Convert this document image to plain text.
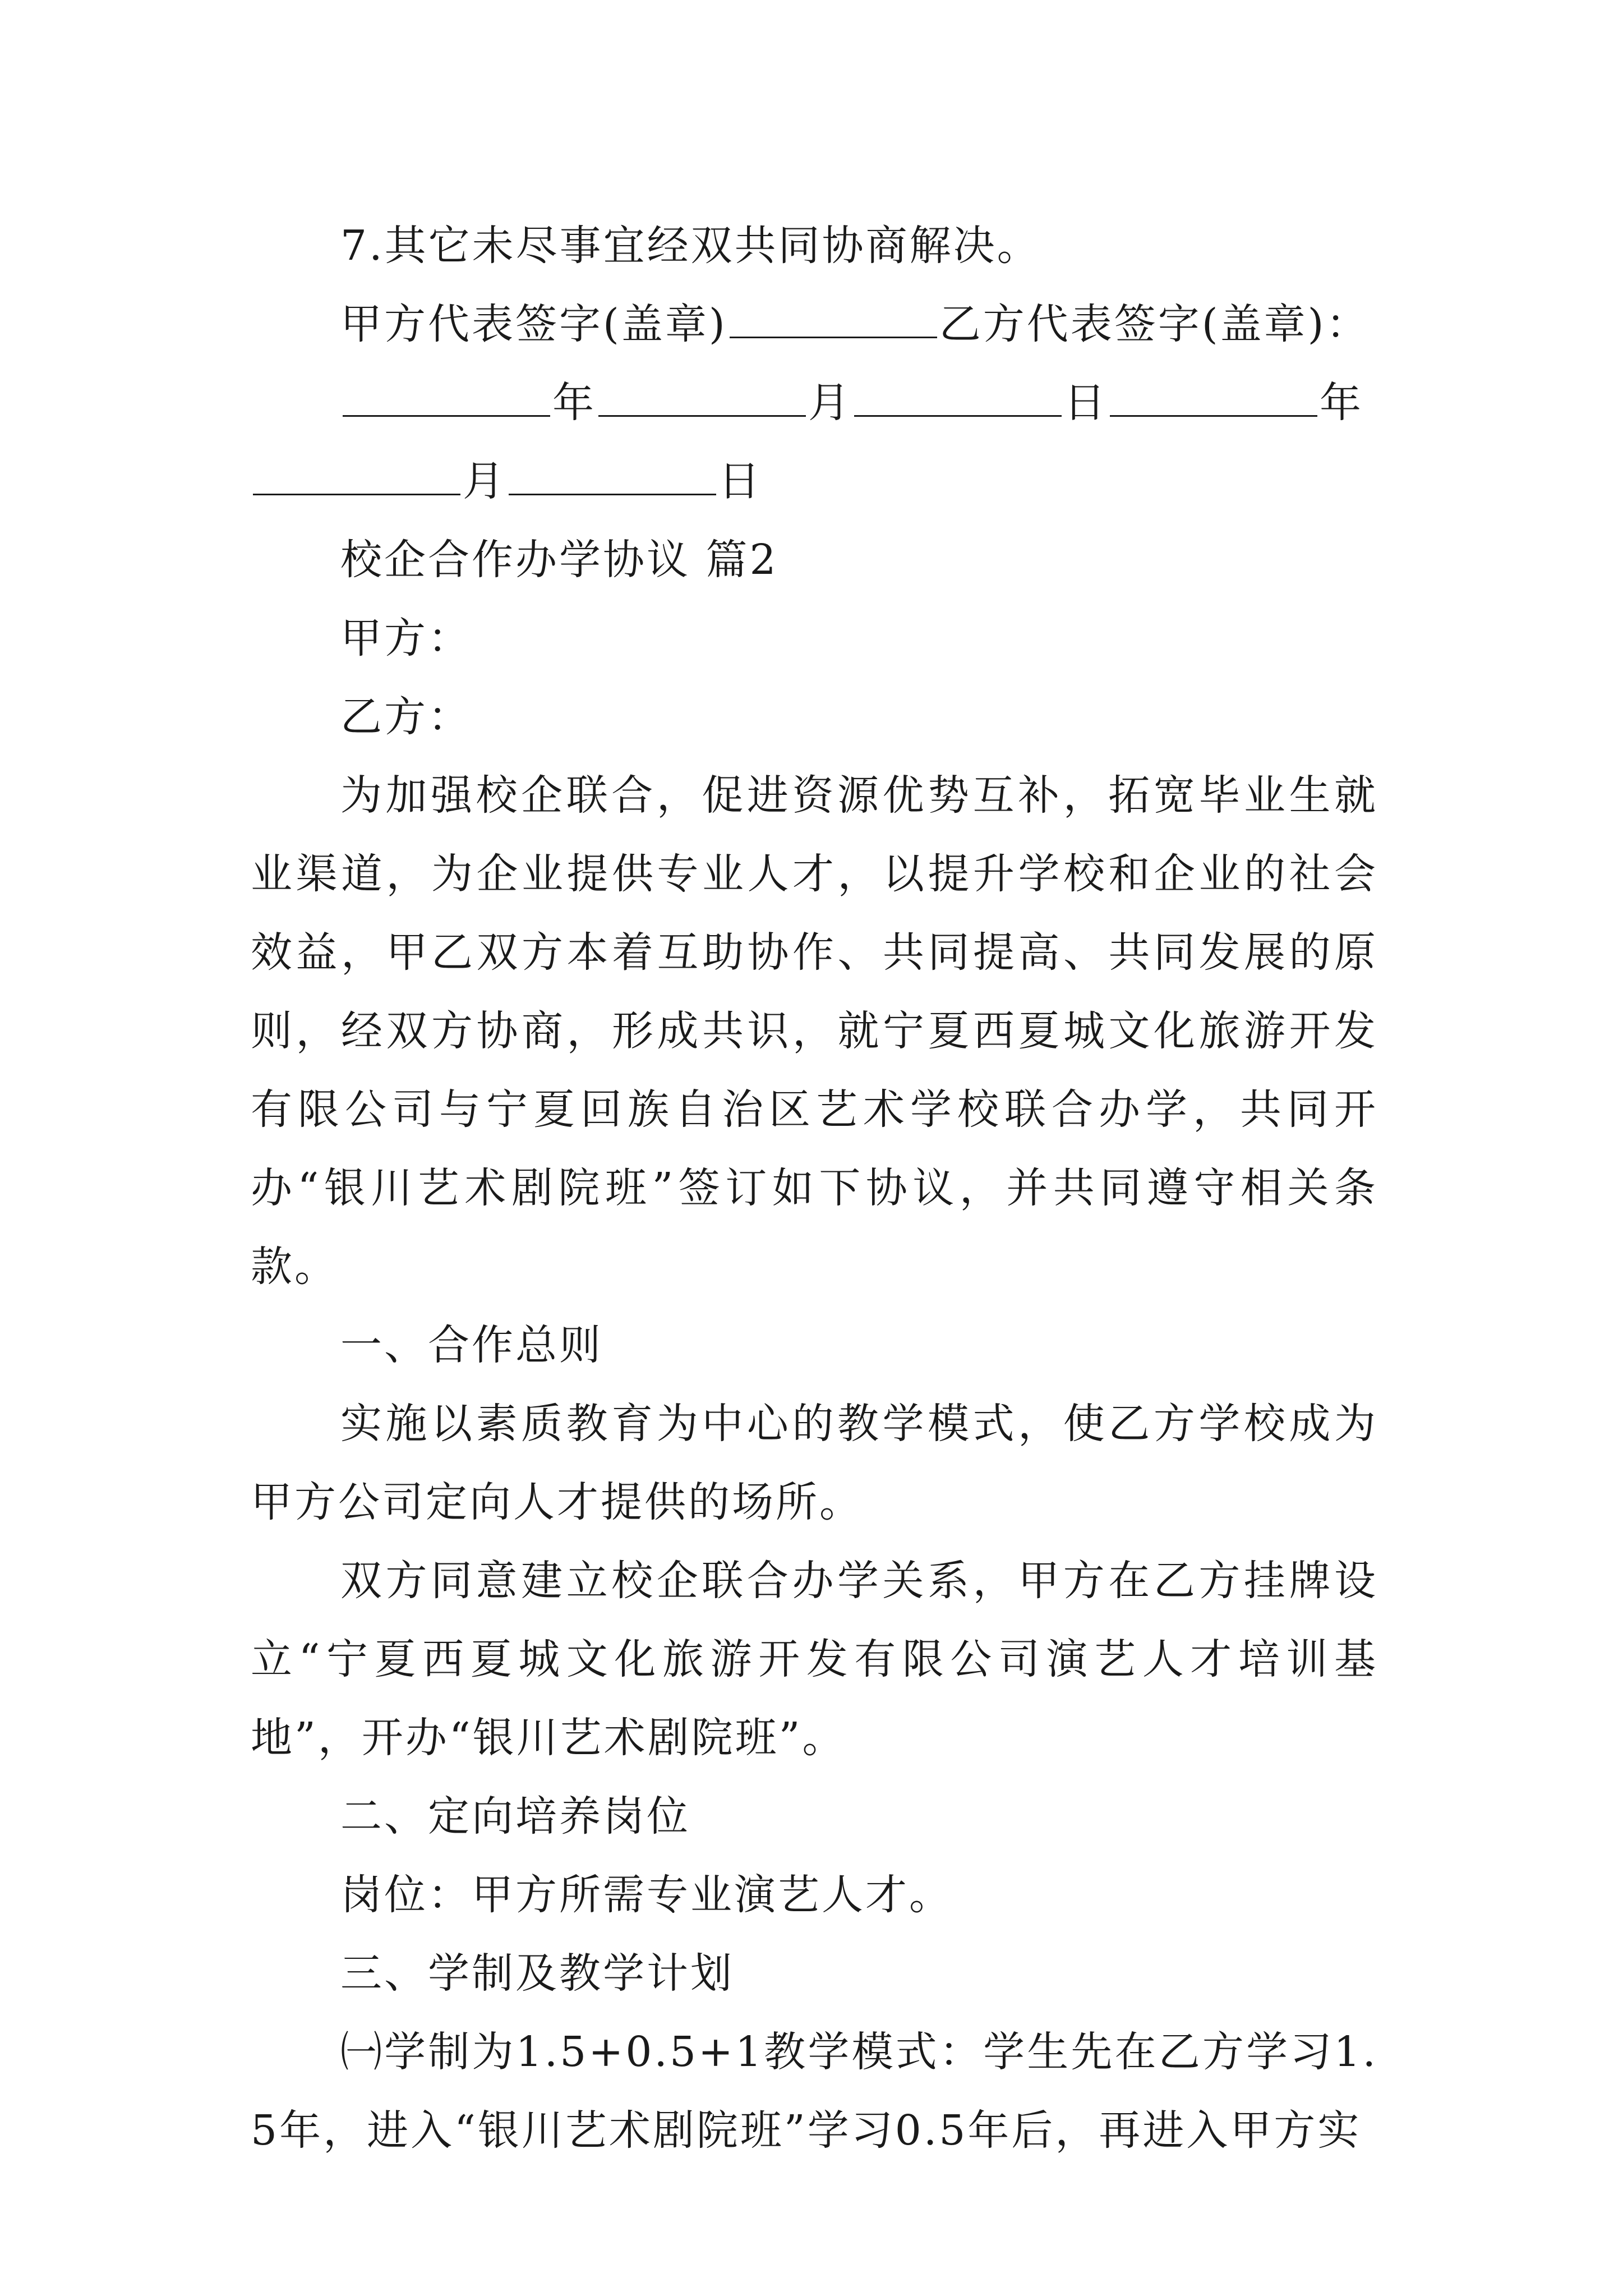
7.其它未尽事宜经双共同协商解决。
甲方代表签字(盖章)	乙方代表签字(盖章)：
年	月	日	年
月	日
校企合作办学协议 篇2
甲方：
乙方：
为加强校企联合，促进资源优势互补，拓宽毕业生就业渠道，为企业提供专业人才，以提升学校和企业的社会效益，甲乙双方本着互助协作、共同提高、共同发展的原则，经双方协商，形成共识，就宁夏西夏城文化旅游开发有限公司与宁夏回族自治区艺术学校联合办学，共同开办“银川艺术剧院班”签订如下协议，并共同遵守相关条款。
一、合作总则
实施以素质教育为中心的教学模式，使乙方学校成为甲方公司定向人才提供的场所。
双方同意建立校企联合办学关系，甲方在乙方挂牌设立“宁夏西夏城文化旅游开发有限公司演艺人才培训基地”，开办“银川艺术剧院班”。
二、定向培养岗位
岗位：甲方所需专业演艺人才。
三、学制及教学计划
㈠学制为1.5+0.5+1教学模式：学生先在乙方学习1.5年，进入“银川艺术剧院班”学习0.5年后，再进入甲方实
